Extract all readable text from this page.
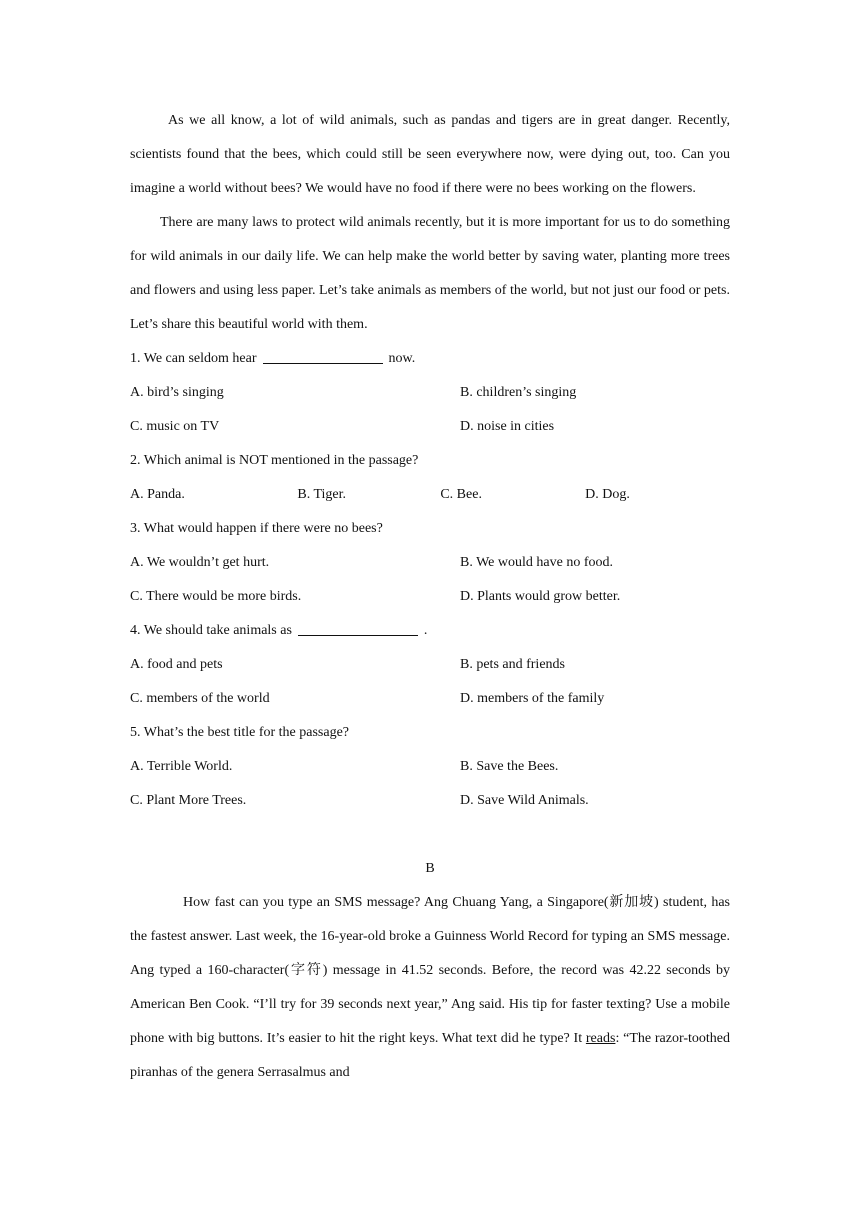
As we all know, a lot of wild animals, such as pandas and tigers are in great danger. Recently, scientists found that the bees, which could still be seen everywhere now, were dying out, too. Can you imagine a world without bees? We would have no food if there were no bees working on the flowers.

There are many laws to protect wild animals recently, but it is more important for us to do something for wild animals in our daily life. We can help make the world better by saving water, planting more trees and flowers and using less paper. Let’s take animals as members of the world, but not just our food or pets. Let’s share this beautiful world with them.

1. We can seldom hear	now.
A. bird’s singing	B. children’s singing
C. music on TV	D. noise in cities
2. Which animal is NOT mentioned in the passage?
A. Panda.	B. Tiger.	C. Bee.	D. Dog.
3. What would happen if there were no bees?
A. We wouldn’t get hurt.	B. We would have no food.
C. There would be more birds.	D. Plants would grow better.
4. We should take animals as	.
A. food and pets	B. pets and friends
C. members of the world	D. members of the family
5. What’s the best title for the passage?
A. Terrible World.	B. Save the Bees.
C. Plant More Trees.	D. Save Wild Animals.
B

How fast can you type an SMS message? Ang Chuang Yang, a Singapore(新加坡) student, has the fastest answer. Last week, the 16-year-old broke a Guinness World Record for typing an SMS message. Ang typed a 160-character(字符) message in 41.52 seconds. Before, the record was 42.22 seconds by American Ben Cook. “I’ll try for 39 seconds next year,” Ang said. His tip for faster texting? Use a mobile phone with big buttons. It’s easier to hit the right keys. What text did he type? It reads: “The razor-toothed piranhas of the genera Serrasalmus and
